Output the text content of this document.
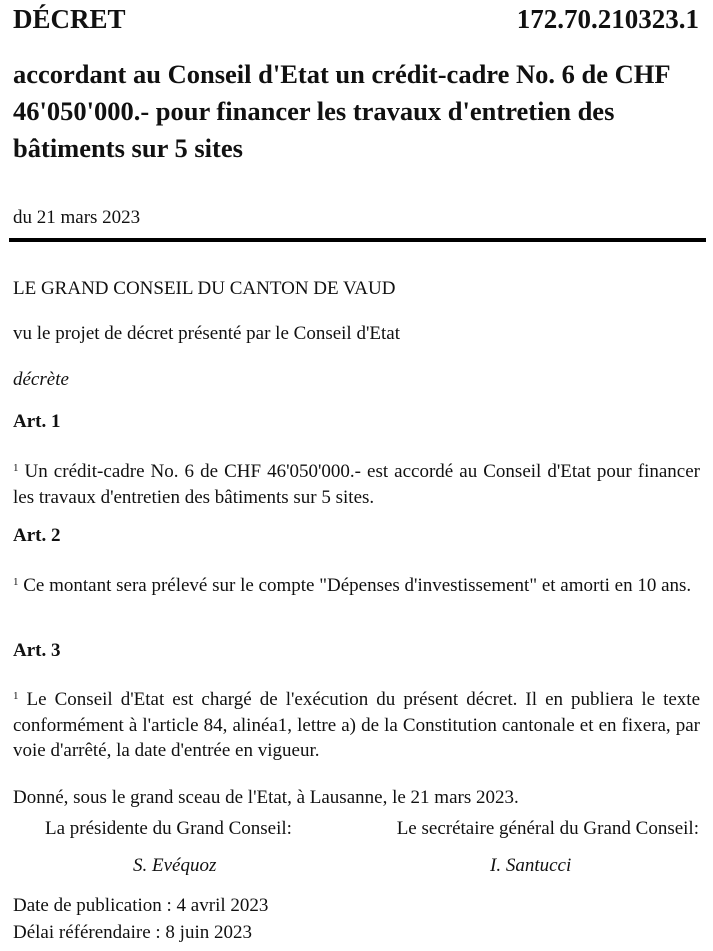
DÉCRET	172.70.210323.1
accordant au Conseil d'Etat un crédit-cadre No. 6 de CHF 46'050'000.- pour financer les travaux d'entretien des bâtiments sur 5 sites
du 21 mars 2023
LE GRAND CONSEIL DU CANTON DE VAUD
vu le projet de décret présenté par le Conseil d'Etat
décrète
Art. 1
$^1$ Un crédit-cadre No. 6 de CHF 46'050'000.- est accordé au Conseil d'Etat pour financer les travaux d'entretien des bâtiments sur 5 sites.
Art. 2
$^1$ Ce montant sera prélevé sur le compte "Dépenses d'investissement" et amorti en 10 ans.
Art. 3
$^1$ Le Conseil d'Etat est chargé de l'exécution du présent décret. Il en publiera le texte conformément à l'article 84, alinéa1, lettre a) de la Constitution cantonale et en fixera, par voie d'arrêté, la date d'entrée en vigueur.
Donné, sous le grand sceau de l'Etat, à Lausanne, le 21 mars 2023.
La présidente du Grand Conseil:	Le secrétaire général du Grand Conseil:
S. Evéquoz	I. Santucci
Date de publication : 4 avril 2023
Délai référendaire : 8 juin 2023
